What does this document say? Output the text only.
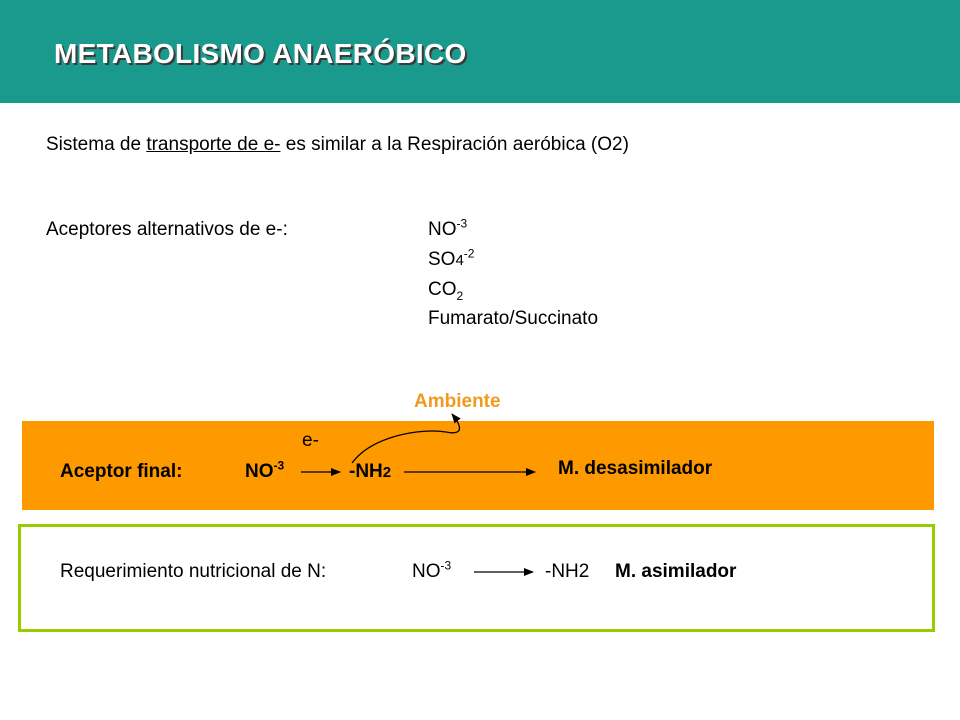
METABOLISMO ANAERÓBICO
Sistema de transporte de e- es similar a la Respiración aeróbica (O2)
Aceptores alternativos de e-:	$NO^{-3}$
$SO4^{-2}$
$CO_2$
Fumarato/Succinato
Ambiente
e-
Aceptor final:	$NO^{-3}$	-NH2	M. desasimilador
Requerimiento nutricional de N:	$NO^{-3}$	-NH2 M. asimilador
